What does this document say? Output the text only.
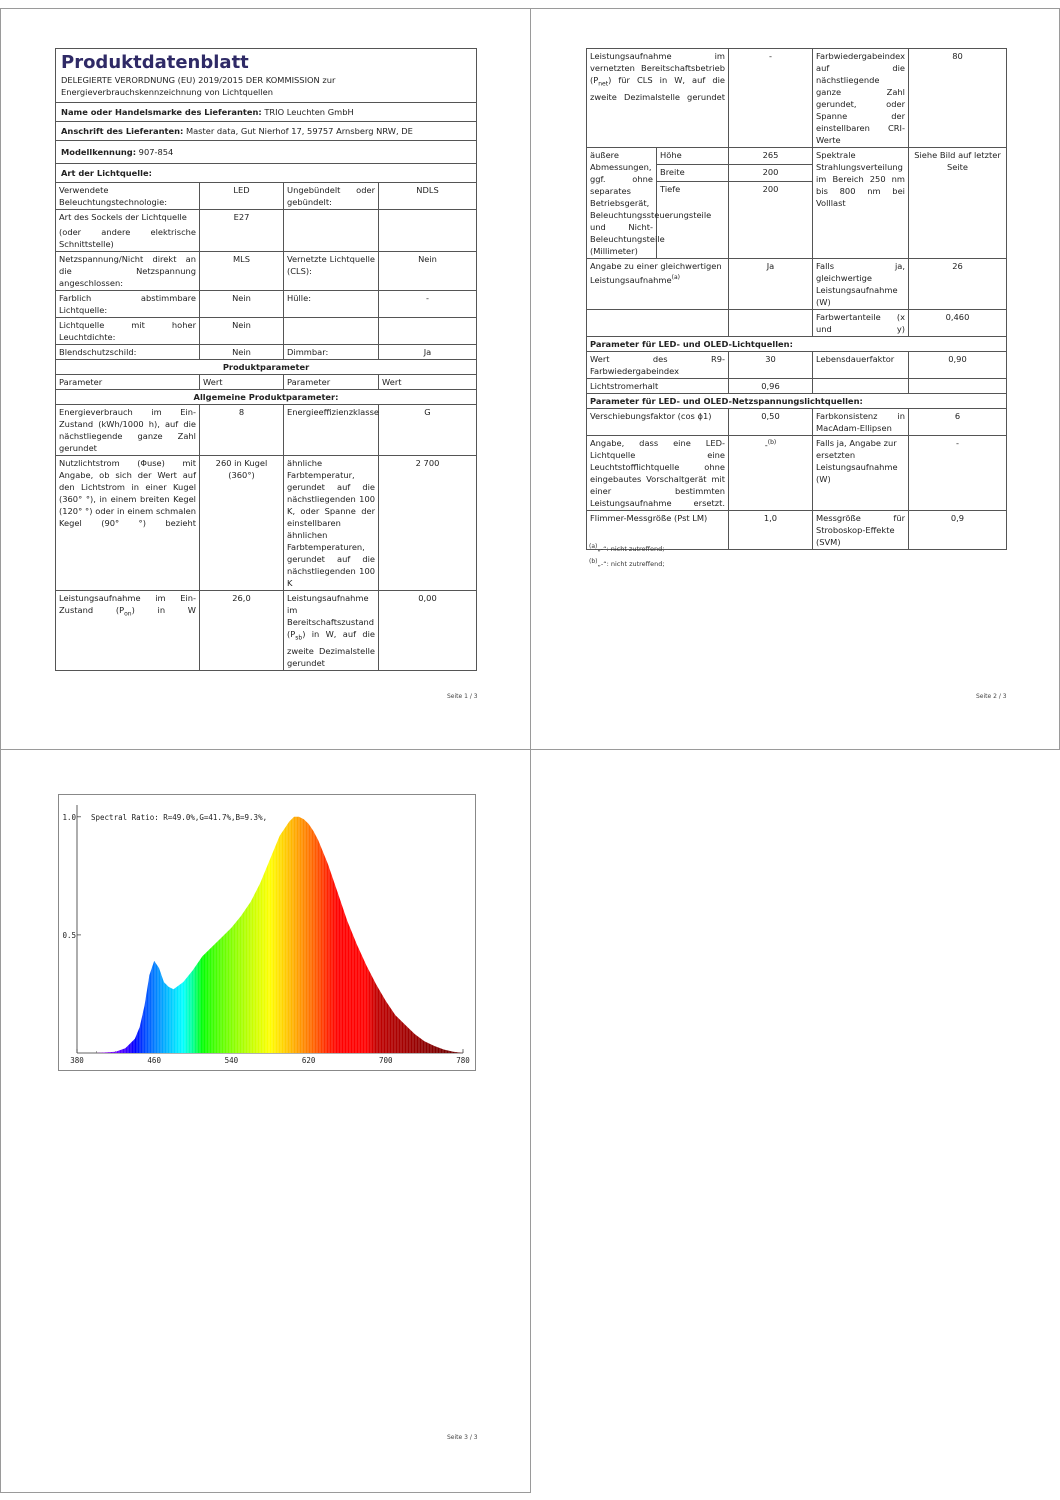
Produktdatenblatt
DELEGIERTE VERORDNUNG (EU) 2019/2015 DER KOMMISSION zur Energieverbrauchskennzeichnung von Lichtquellen			

Name oder Handelsmarke des Lieferanten: TRIO Leuchten GmbH			
Anschrift des Lieferanten: Master data, Gut Nierhof 17, 59757 Arnsberg NRW, DE			
Modellkennung: 907-854			
Art der Lichtquelle:			
Verwendete Beleuchtungstechnologie:	LED	Ungebündelt oder gebündelt:	NDLS

Art des Sockels der Lichtquelle
(oder andere elektrische Schnittstelle)	E27		
Netzspannung/Nicht direkt an die Netzspannung angeschlossen:	MLS	Vernetzte Lichtquelle (CLS):	Nein
Farblich abstimmbare Lichtquelle:	Nein	Hülle:	-
Lichtquelle mit hoher Leuchtdichte:	Nein		
Blendschutzschild:	Nein	Dimmbar:	Ja
Produktparameter			
Parameter	Wert	Parameter	Wert
Allgemeine Produktparameter:			
Energieverbrauch im Ein-Zustand (kWh/1000 h), auf die nächstliegende ganze Zahl gerundet	8	Energieeffizienzklasse	G
Nutzlichtstrom (Φuse) mit Angabe, ob sich der Wert auf den Lichtstrom in einer Kugel (360° °), in einem breiten Kegel (120° °) oder in einem schmalen Kegel (90° °) bezieht	260 in Kugel (360°)	ähnliche Farbtemperatur, gerundet auf die nächstliegenden 100 K, oder Spanne der einstellbaren ähnlichen Farbtemperaturen, gerundet auf die nächstliegenden 100 K	2 700
Leistungsaufnahme im Ein-Zustand $(P_{on})$ in W	26,0	Leistungsaufnahme im Bereitschaftszustand $(P_{sb})$ in W, auf die zweite Dezimalstelle gerundet	0,00
Seite 1 / 3
Leistungsaufnahme im vernetzten Bereitschaftsbetrieb $(P_{net})$ für CLS in W, auf die zweite Dezimalstelle gerundet		-	Farbwiedergabeindex auf die nächstliegende ganze Zahl gerundet, oder Spanne der einstellbaren CRI-Werte	80
äußere Abmessungen, ggf. ohne separates Betriebsgerät, Beleuchtungssteuerungsteile und Nicht-Beleuchtungsteile (Millimeter)	Höhe	265	Spektrale Strahlungsverteilung im Bereich 250 nm bis 800 nm bei Volllast	Siehe Bild auf letzter Seite
	Breite	200		
	Tiefe	200		
Angabe zu einer gleichwertigen Leistungsaufnahme$^{(a)}$		Ja	Falls ja, gleichwertige Leistungsaufnahme (W)	26
			Farbwertanteile (x und y)	0,460
Parameter für LED- und OLED-Lichtquellen:				
Wert des R9-Farbwiedergabeindex		30	Lebensdauerfaktor	0,90
Lichtstromerhalt		0,96		
Parameter für LED- und OLED-Netzspannungslichtquellen:				
Verschiebungsfaktor (cos ϕ1)		0,50	Farbkonsistenz in MacAdam-Ellipsen	6
Angabe, dass eine LED-Lichtquelle eine Leuchtstofflichtquelle ohne eingebautes Vorschaltgerät mit einer bestimmten Leistungsaufnahme ersetzt.		-$^{(b)}$	Falls ja, Angabe zur ersetzten Leistungsaufnahme (W)	-
Flimmer-Messgröße (Pst LM)		1,0	Messgröße für Stroboskop-Effekte (SVM)	0,9
$^{(a)}$„-“: nicht zutreffend;
$^{(b)}$„-“: nicht zutreffend;
Seite 2 / 3
Seite 3 / 3
380	460	540	620	700	780
1.0
0.5
Spectral Ratio: R=49.0%,G=41.7%,B=9.3%,
